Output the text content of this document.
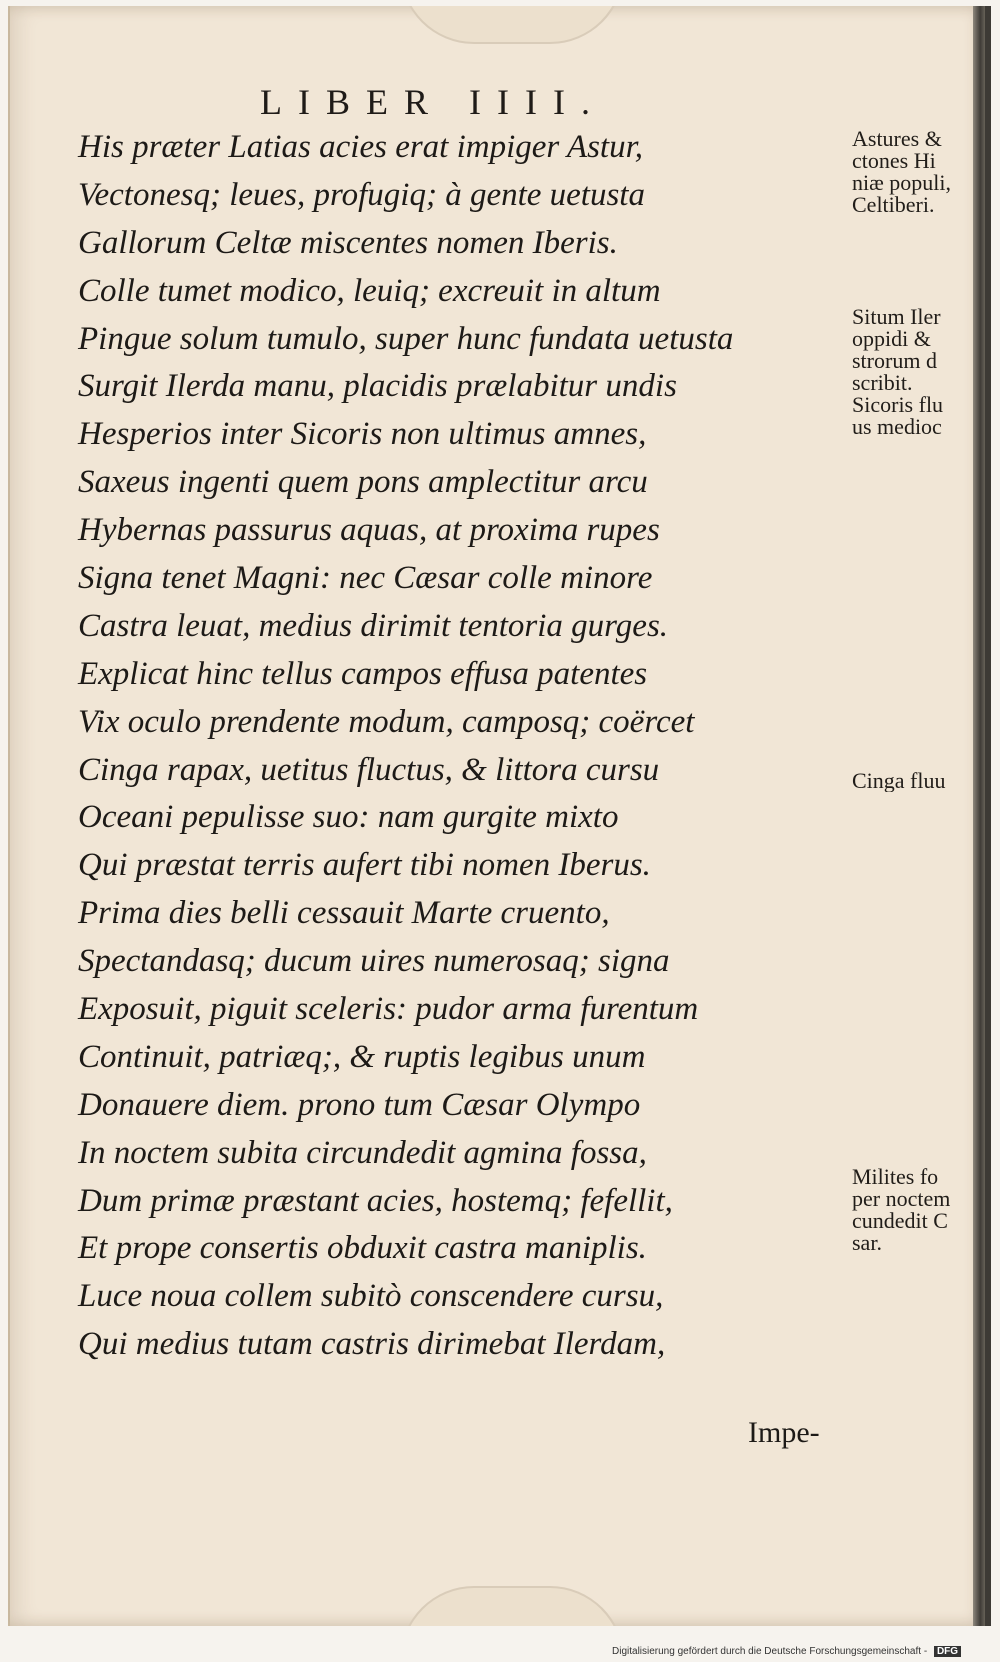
LIBER IIII.
His præter Latias acies erat impiger Astur,
Vectonesq; leues, profugiq; à gente uetusta
Gallorum Celtæ miscentes nomen Iberis.
Colle tumet modico, leuiq; excreuit in altum
Pingue solum tumulo, super hunc fundata uetusta
Surgit Ilerda manu, placidis prælabitur undis
Hesperios inter Sicoris non ultimus amnes,
Saxeus ingenti quem pons amplectitur arcu
Hybernas passurus aquas, at proxima rupes
Signa tenet Magni: nec Cæsar colle minore
Castra leuat, medius dirimit tentoria gurges.
Explicat hinc tellus campos effusa patentes
Vix oculo prendente modum, camposq; coërcet
Cinga rapax, uetitus fluctus, & littora cursu
Oceani pepulisse suo: nam gurgite mixto
Qui præstat terris aufert tibi nomen Iberus.
Prima dies belli cessauit Marte cruento,
Spectandasq; ducum uires numerosaq; signa
Exposuit, piguit sceleris: pudor arma furentum
Continuit, patriæq;, & ruptis legibus unum
Donauere diem. prono tum Cæsar Olympo
In noctem subita circundedit agmina fossa,
Dum primæ præstant acies, hostemq; fefellit,
Et prope consertis obduxit castra maniplis.
Luce noua collem subitò conscendere cursu,
Qui medius tutam castris dirimebat Ilerdam,
Astures &
ctones Hi
niæ populi,
Celtiberi.
Situm Iler
oppidi &
strorum d
scribit.
Sicoris flu
us medioc
Cinga fluu
Milites fo
per noctem
cundedit C
sar.
Impe-
Digitalisierung gefördert durch die Deutsche Forschungsgemeinschaft - DFG
